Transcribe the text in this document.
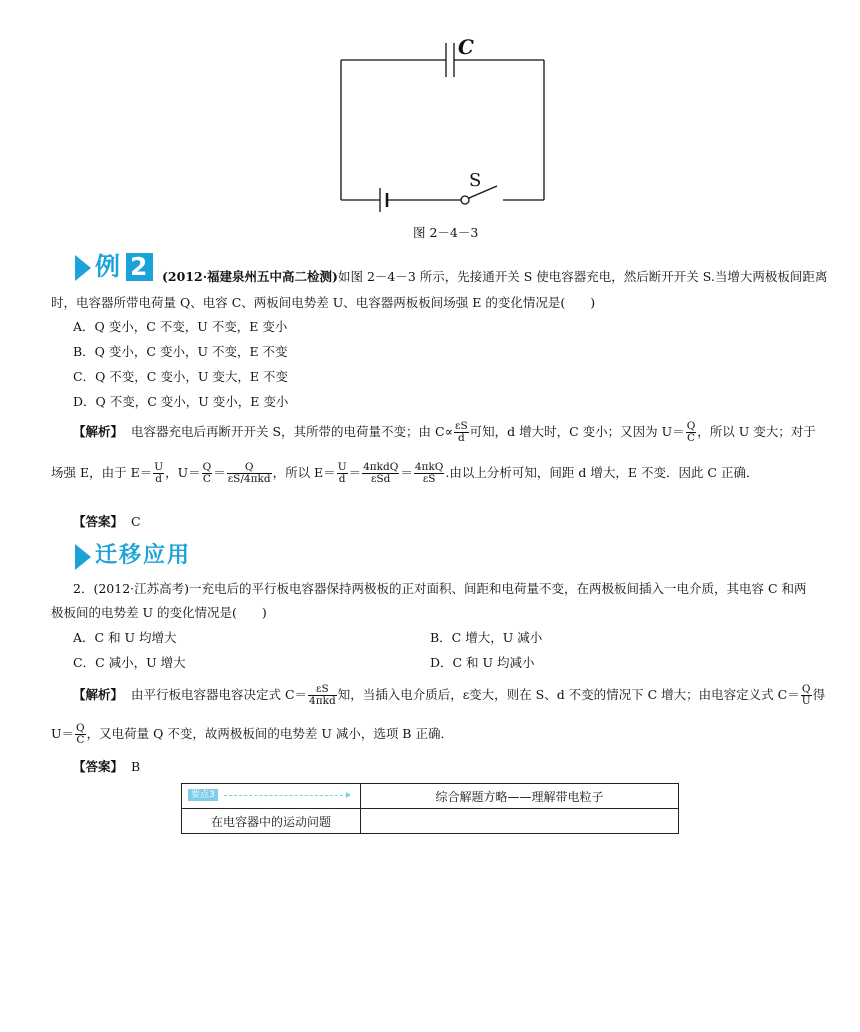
C
S
图 2－4－3
例 2	(2012·福建泉州五中高二检测)如图 2－4－3 所示，先接通开关 S 使电容器充电，然后断开开关 S.当增大两极板间距离
时，电容器所带电荷量 Q、电容 C、两板间电势差 U、电容器两板板间场强 E 的变化情况是(　　)
A．Q 变小，C 不变，U 不变，E 变小
B．Q 变小，C 变小，U 不变，E 不变
C．Q 不变，C 变小，U 变大，E 不变
D．Q 不变，C 变小，U 变小，E 变小
【解析】 电容器充电后再断开开关 S，其所带的电荷量不变；由 $C\propto \frac{\varepsilon S}{d}$ 可知，d 增大时，C 变小；又因为 $U= \frac{Q}{C}$ ，所以 U 变大；对于
场强 E，由于 $E= \frac{U}{d}$ ，$U= \frac{Q}{C} = \frac{Q}{\text{εS/4πkd}}$ ，所以 $E= \frac{U}{d} = \frac{\text{4πkdQ}}{\text{εSd}} = \frac{\text{4πkQ}}{\varepsilon S}$ .由以上分析可知，间距 d 增大，E 不变．因此 C 正确．
【答案】 C
迁移应用
2．(2012·江苏高考)一充电后的平行板电容器保持两极板的正对面积、间距和电荷量不变，在两极板间插入一电介质，其电容 C 和两
极板间的电势差 U 的变化情况是(　　)
A．C 和 U 均增大	B．C 增大，U 减小
C．C 减小，U 增大	D．C 和 U 均减小
【解析】 由平行板电容器电容决定式 $C= \frac{\varepsilon S}{\text{4πkd}}$ 知，当插入电介质后，ε变大，则在 S、d 不变的情况下 C 增大；由电容定义式 $C= \frac{Q}{U}$ 得
$U= \frac{Q}{C}$ ，又电荷量 Q 不变，故两极板间的电势差 U 减小，选项 B 正确．
【答案】 B
要点3	综合解题方略——理解带电粒子
在电容器中的运动问题	
